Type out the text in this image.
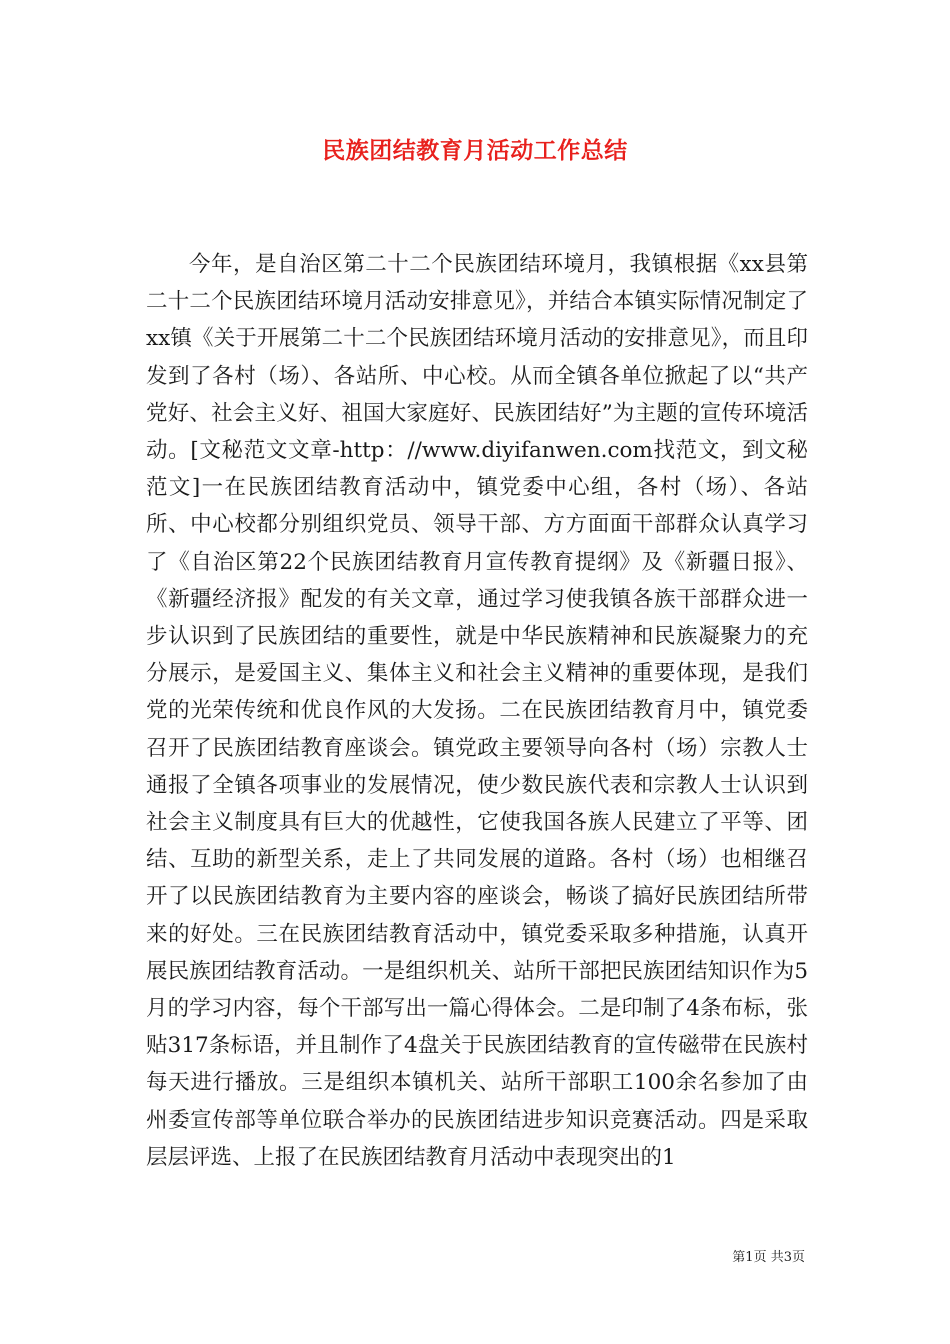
民族团结教育月活动工作总结

今年，是自治区第二十二个民族团结环境月，我镇根据《xx县第二十二个民族团结环境月活动安排意见》，并结合本镇实际情况制定了xx镇《关于开展第二十二个民族团结环境月活动的安排意见》，而且印发到了各村（场）、各站所、中心校。从而全镇各单位掀起了以“共产党好、社会主义好、祖国大家庭好、民族团结好”为主题的宣传环境活动。[文秘范文文章-http：//www.diyifanwen.com找范文，到文秘范文]一在民族团结教育活动中，镇党委中心组，各村（场）、各站所、中心校都分别组织党员、领导干部、方方面面干部群众认真学习了《自治区第22个民族团结教育月宣传教育提纲》及《新疆日报》、《新疆经济报》配发的有关文章，通过学习使我镇各族干部群众进一步认识到了民族团结的重要性，就是中华民族精神和民族凝聚力的充分展示，是爱国主义、集体主义和社会主义精神的重要体现，是我们党的光荣传统和优良作风的大发扬。二在民族团结教育月中，镇党委召开了民族团结教育座谈会。镇党政主要领导向各村（场）宗教人士通报了全镇各项事业的发展情况，使少数民族代表和宗教人士认识到社会主义制度具有巨大的优越性，它使我国各族人民建立了平等、团结、互助的新型关系，走上了共同发展的道路。各村（场）也相继召开了以民族团结教育为主要内容的座谈会，畅谈了搞好民族团结所带来的好处。三在民族团结教育活动中，镇党委采取多种措施，认真开展民族团结教育活动。一是组织机关、站所干部把民族团结知识作为5月的学习内容，每个干部写出一篇心得体会。二是印制了4条布标，张贴317条标语，并且制作了4盘关于民族团结教育的宣传磁带在民族村每天进行播放。三是组织本镇机关、站所干部职工100余名参加了由州委宣传部等单位联合举办的民族团结进步知识竞赛活动。四是采取层层评选、上报了在民族团结教育月活动中表现突出的1

第1页 共3页
